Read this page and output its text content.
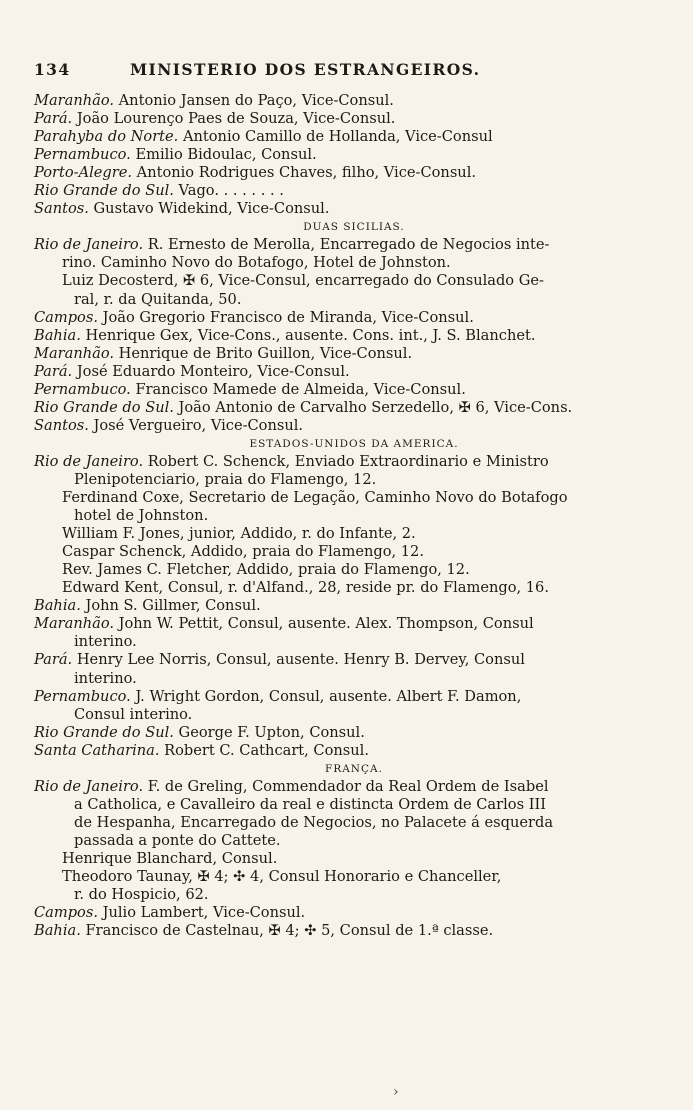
134	MINISTERIO DOS ESTRANGEIROS.
Maranhão. Antonio Jansen do Paço, Vice-Consul.
Pará. João Lourenço Paes de Souza, Vice-Consul.
Parahyba do Norte. Antonio Camillo de Hollanda, Vice-Consul
Pernambuco. Emilio Bidoulac, Consul.
Porto-Alegre. Antonio Rodrigues Chaves, filho, Vice-Consul.
Rio Grande do Sul. Vago. . . . . . . .
Santos. Gustavo Widekind, Vice-Consul.
DUAS SICILIAS.
Rio de Janeiro. R. Ernesto de Merolla, Encarregado de Negocios inte-
rino. Caminho Novo do Botafogo, Hotel de Johnston.
Luiz Decosterd, ✠ 6, Vice-Consul, encarregado do Consulado Ge-
ral, r. da Quitanda, 50.
Campos. João Gregorio Francisco de Miranda, Vice-Consul.
Bahia. Henrique Gex, Vice-Cons., ausente. Cons. int., J. S. Blanchet.
Maranhão. Henrique de Brito Guillon, Vice-Consul.
Pará. José Eduardo Monteiro, Vice-Consul.
Pernambuco. Francisco Mamede de Almeida, Vice-Consul.
Rio Grande do Sul. João Antonio de Carvalho Serzedello, ✠ 6, Vice-Cons.
Santos. José Vergueiro, Vice-Consul.
ESTADOS-UNIDOS DA AMERICA.
Rio de Janeiro. Robert C. Schenck, Enviado Extraordinario e Ministro
Plenipotenciario, praia do Flamengo, 12.
Ferdinand Coxe, Secretario de Legação, Caminho Novo do Botafogo
hotel de Johnston.
William F. Jones, junior, Addido, r. do Infante, 2.
Caspar Schenck, Addido, praia do Flamengo, 12.
Rev. James C. Fletcher, Addido, praia do Flamengo, 12.
Edward Kent, Consul, r. d'Alfand., 28, reside pr. do Flamengo, 16.
Bahia. John S. Gillmer, Consul.
Maranhão. John W. Pettit, Consul, ausente. Alex. Thompson, Consul
interino.
Pará. Henry Lee Norris, Consul, ausente. Henry B. Dervey, Consul
interino.
Pernambuco. J. Wright Gordon, Consul, ausente. Albert F. Damon,
Consul interino.
Rio Grande do Sul. George F. Upton, Consul.
Santa Catharina. Robert C. Cathcart, Consul.
FRANÇA.
Rio de Janeiro. F. de Greling, Commendador da Real Ordem de Isabel
a Catholica, e Cavalleiro da real e distincta Ordem de Carlos III
de Hespanha, Encarregado de Negocios, no Palacete á esquerda
passada a ponte do Cattete.
Henrique Blanchard, Consul.
Theodoro Taunay, ✠ 4; ✣ 4, Consul Honorario e Chanceller,
r. do Hospicio, 62.
Campos. Julio Lambert, Vice-Consul.
Bahia. Francisco de Castelnau, ✠ 4; ✣ 5, Consul de 1.ª classe.
›
